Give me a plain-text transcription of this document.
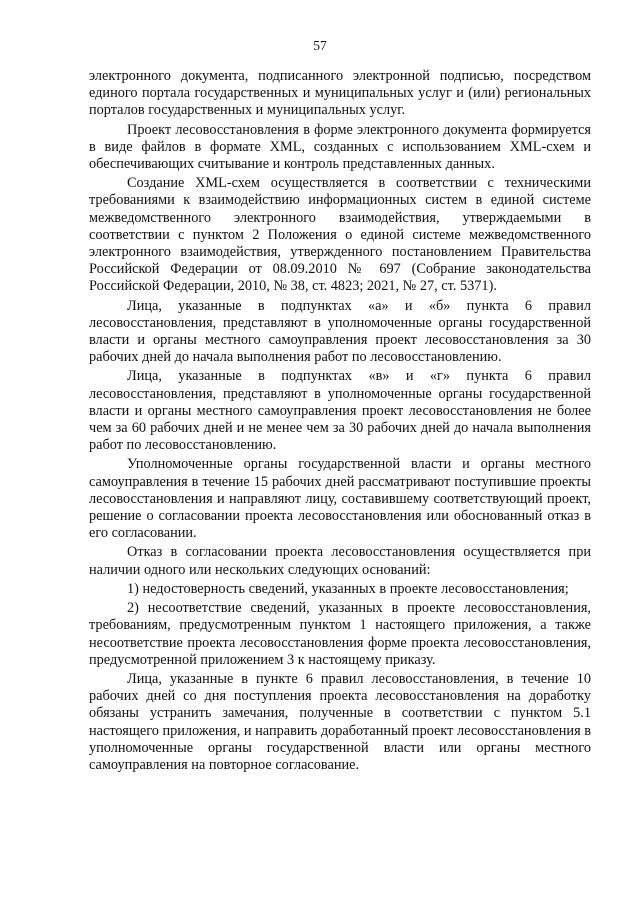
57

электронного документа, подписанного электронной подписью, посредством единого портала государственных и муниципальных услуг и (или) региональных порталов государственных и муниципальных услуг.

Проект лесовосстановления в форме электронного документа формируется в виде файлов в формате XML, созданных с использованием XML-схем и обеспечивающих считывание и контроль представленных данных.

Создание XML-схем осуществляется в соответствии с техническими требованиями к взаимодействию информационных систем в единой системе межведомственного электронного взаимодействия, утверждаемыми в соответствии с пунктом 2 Положения о единой системе межведомственного электронного взаимодействия, утвержденного постановлением Правительства Российской Федерации от 08.09.2010 № 697 (Собрание законодательства Российской Федерации, 2010, № 38, ст. 4823; 2021, № 27, ст. 5371).

Лица, указанные в подпунктах «а» и «б» пункта 6 правил лесовосстановления, представляют в уполномоченные органы государственной власти и органы местного самоуправления проект лесовосстановления за 30 рабочих дней до начала выполнения работ по лесовосстановлению.

Лица, указанные в подпунктах «в» и «г» пункта 6 правил лесовосстановления, представляют в уполномоченные органы государственной власти и органы местного самоуправления проект лесовосстановления не более чем за 60 рабочих дней и не менее чем за 30 рабочих дней до начала выполнения работ по лесовосстановлению.

Уполномоченные органы государственной власти и органы местного самоуправления в течение 15 рабочих дней рассматривают поступившие проекты лесовосстановления и направляют лицу, составившему соответствующий проект, решение о согласовании проекта лесовосстановления или обоснованный отказ в его согласовании.

Отказ в согласовании проекта лесовосстановления осуществляется при наличии одного или нескольких следующих оснований:

1) недостоверность сведений, указанных в проекте лесовосстановления;

2) несоответствие сведений, указанных в проекте лесовосстановления, требованиям, предусмотренным пунктом 1 настоящего приложения, а также несоответствие проекта лесовосстановления форме проекта лесовосстановления, предусмотренной приложением 3 к настоящему приказу.

Лица, указанные в пункте 6 правил лесовосстановления, в течение 10 рабочих дней со дня поступления проекта лесовосстановления на доработку обязаны устранить замечания, полученные в соответствии с пунктом 5.1 настоящего приложения, и направить доработанный проект лесовосстановления в уполномоченные органы государственной власти или органы местного самоуправления на повторное согласование.
